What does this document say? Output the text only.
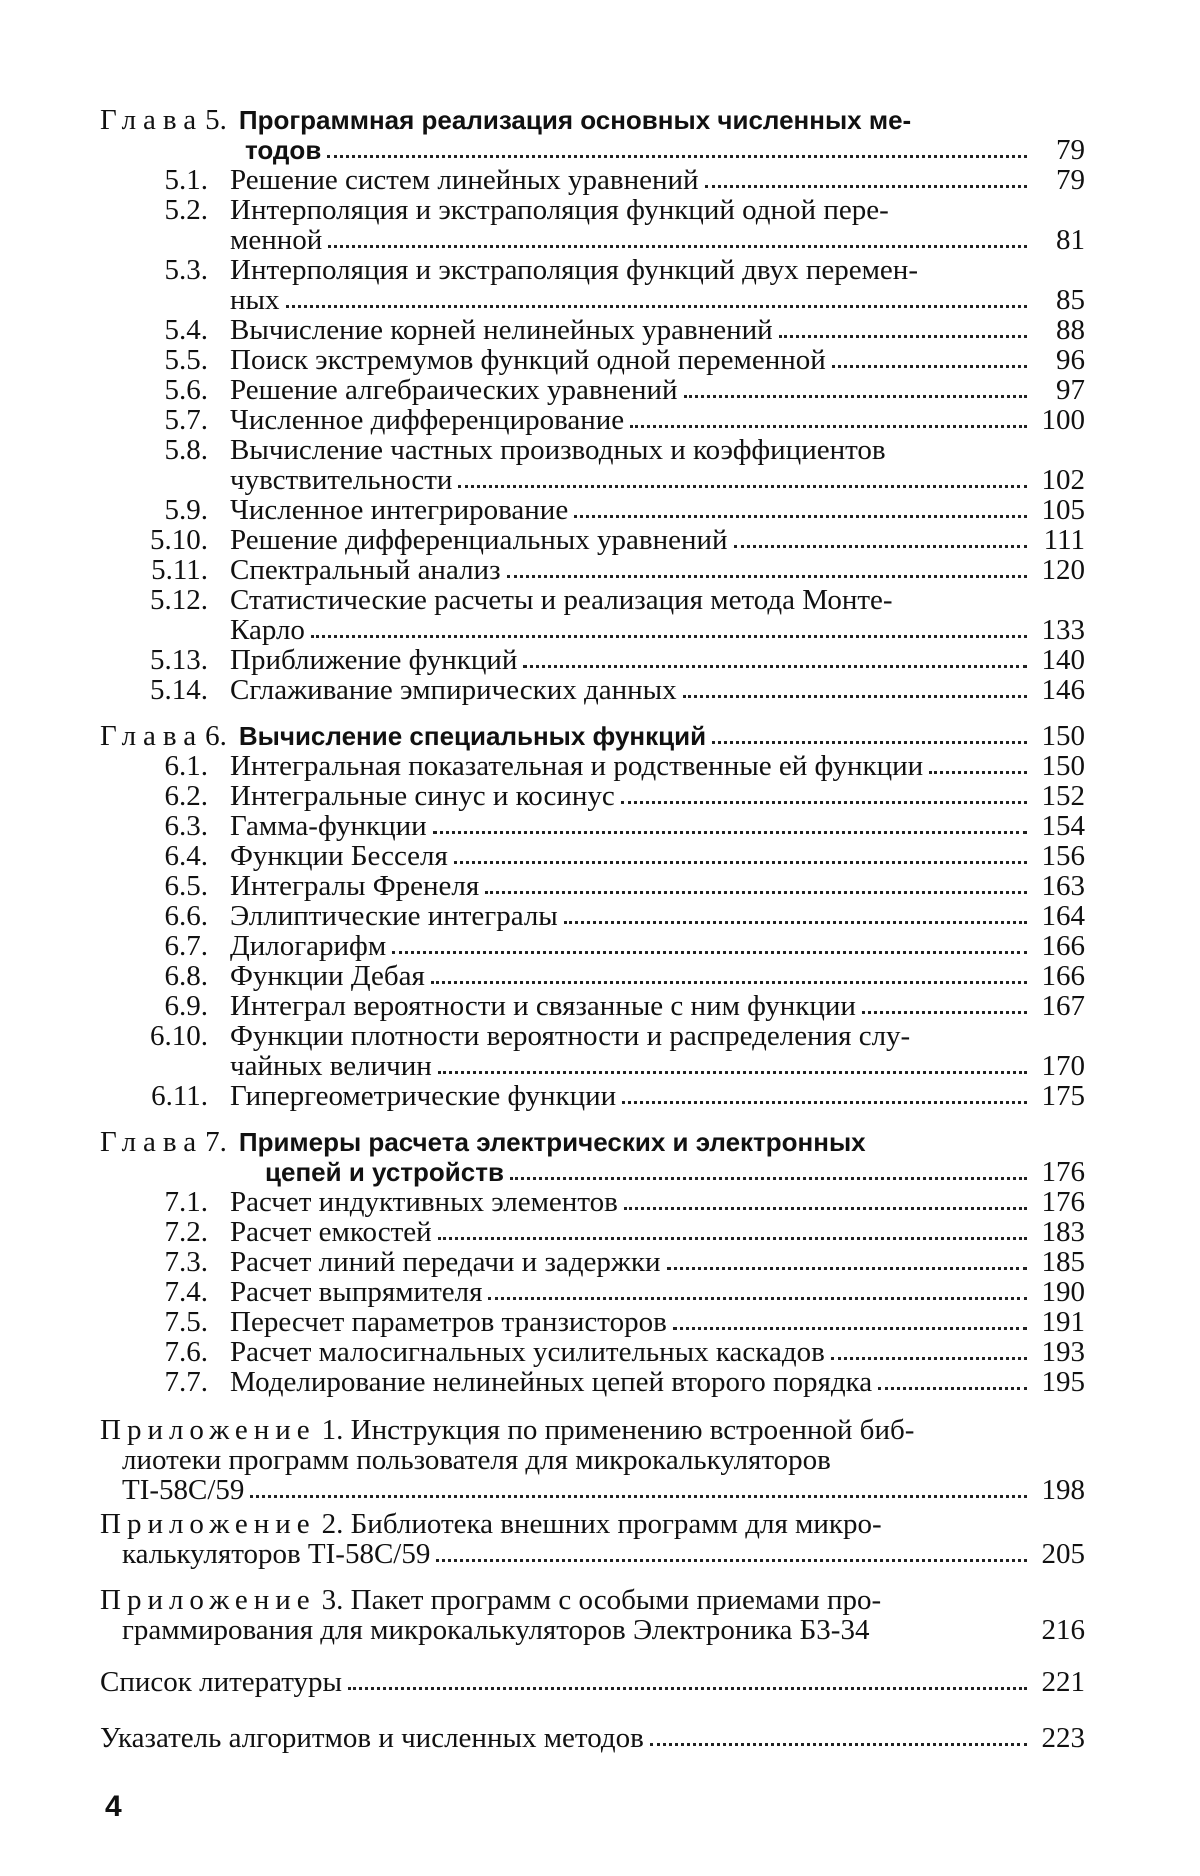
Глава 5. Программная реализация основных численных ме-
тодов	79
5.1. Решение систем линейных уравнений	79
5.2. Интерполяция и экстраполяция функций одной пере-
менной	81
5.3. Интерполяция и экстраполяция функций двух перемен-
ных	85
5.4. Вычисление корней нелинейных уравнений	88
5.5. Поиск экстремумов функций одной переменной	96
5.6. Решение алгебраических уравнений	97
5.7. Численное дифференцирование	100
5.8. Вычисление частных производных и коэффициентов
чувствительности	102
5.9. Численное интегрирование	105
5.10. Решение дифференциальных уравнений	111
5.11. Спектральный анализ	120
5.12. Статистические расчеты и реализация метода Монте-
Карло	133
5.13. Приближение функций	140
5.14. Сглаживание эмпирических данных	146
Глава 6. Вычисление специальных функций	150
6.1. Интегральная показательная и родственные ей функции	150
6.2. Интегральные синус и косинус	152
6.3. Гамма-функции	154
6.4. Функции Бесселя	156
6.5. Интегралы Френеля	163
6.6. Эллиптические интегралы	164
6.7. Дилогарифм	166
6.8. Функции Дебая	166
6.9. Интеграл вероятности и связанные с ним функции	167
6.10. Функции плотности вероятности и распределения слу-
чайных величин	170
6.11. Гипергеометрические функции	175
Глава 7. Примеры расчета электрических и электронных
цепей и устройств	176
7.1. Расчет индуктивных элементов	176
7.2. Расчет емкостей	183
7.3. Расчет линий передачи и задержки	185
7.4. Расчет выпрямителя	190
7.5. Пересчет параметров транзисторов	191
7.6. Расчет малосигнальных усилительных каскадов	193
7.7. Моделирование нелинейных цепей второго порядка	195
Приложение 1. Инструкция по применению встроенной биб-
лиотеки программ пользователя для микрокалькуляторов
TI-58C/59	198
Приложение 2. Библиотека внешних программ для микро-
калькуляторов TI-58C/59	205
Приложение 3. Пакет программ с особыми приемами про-
граммирования для микрокалькуляторов Электроника Б3-34	216
Список литературы	221
Указатель алгоритмов и численных методов	223
4
